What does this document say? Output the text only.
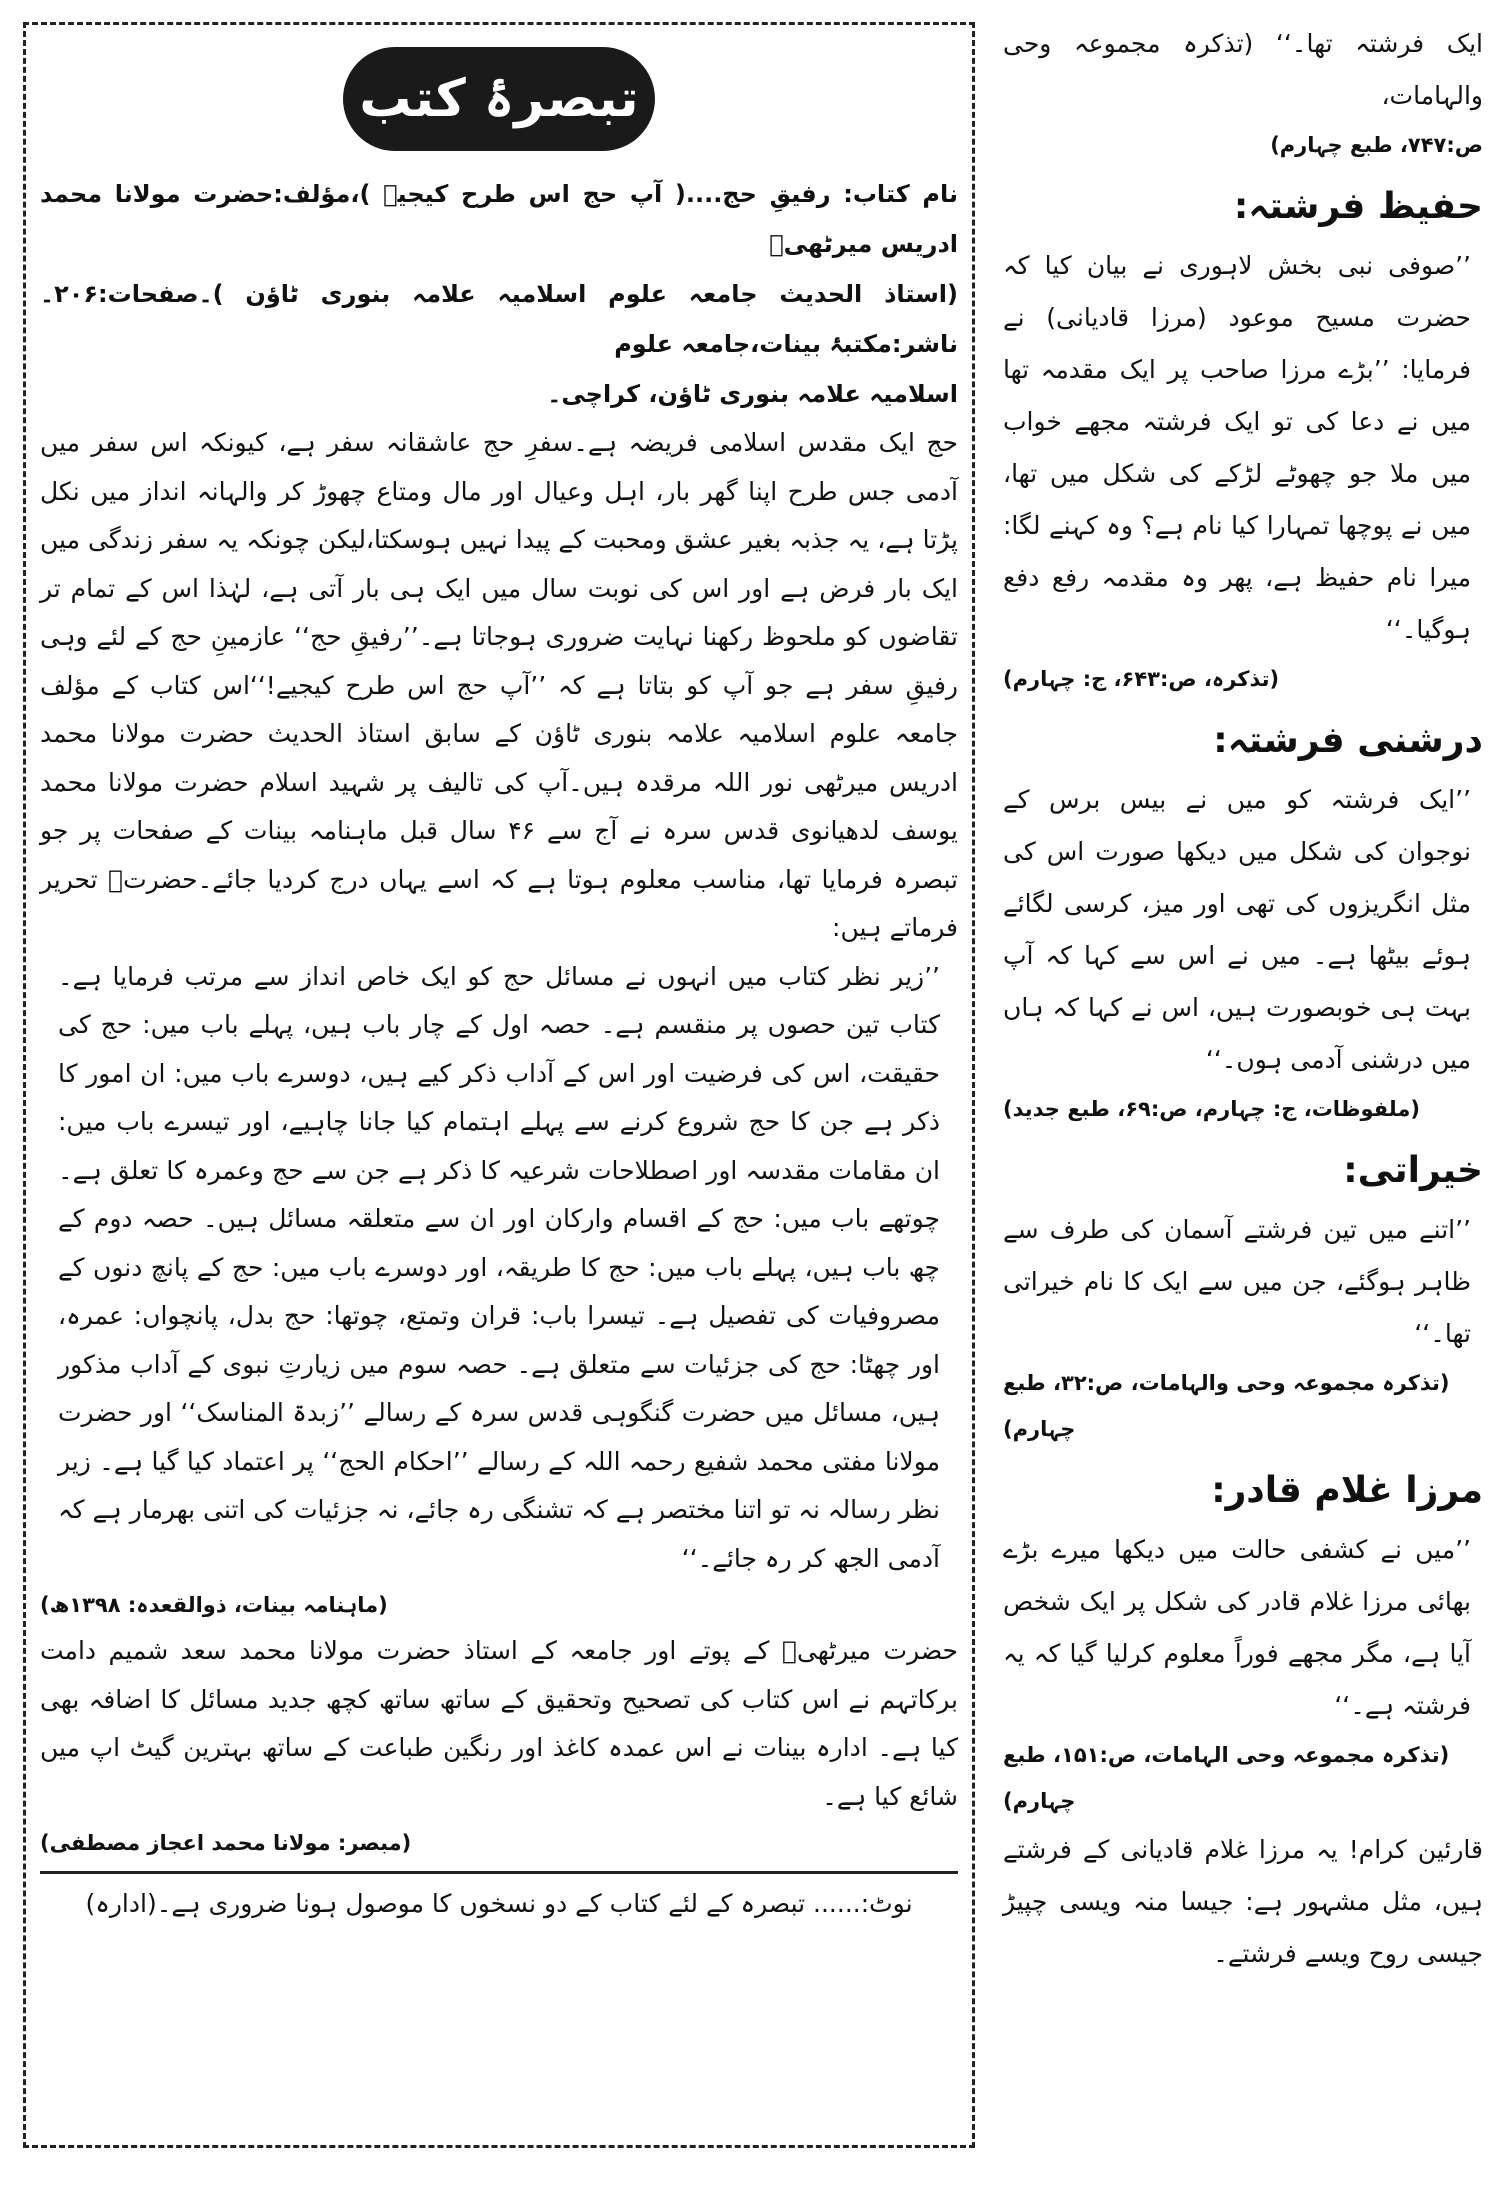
تبصرۂ کتب

نام کتاب: رفیقِ حج....( آپ حج اس طرح کیجیے )،مؤلف:حضرت مولانا محمد ادریس میرٹھیؒ

(استاذ الحدیث جامعہ علوم اسلامیہ علامہ بنوری ٹاؤن )۔صفحات:۲۰۶۔ ناشر:مکتبۂ بینات،جامعہ علوم

اسلامیہ علامہ بنوری ٹاؤن، کراچی۔

حج ایک مقدس اسلامی فریضہ ہے۔سفرِ حج عاشقانہ سفر ہے، کیونکہ اس سفر میں آدمی جس طرح اپنا گھر بار، اہل وعیال اور مال ومتاع چھوڑ کر والہانہ انداز میں نکل پڑتا ہے، یہ جذبہ بغیر عشق ومحبت کے پیدا نہیں ہوسکتا،لیکن چونکہ یہ سفر زندگی میں ایک بار فرض ہے اور اس کی نوبت سال میں ایک ہی بار آتی ہے، لہٰذا اس کے تمام تر تقاضوں کو ملحوظ رکھنا نہایت ضروری ہوجاتا ہے۔’’رفیقِ حج‘‘ عازمینِ حج کے لئے وہی رفیقِ سفر ہے جو آپ کو بتاتا ہے کہ ’’آپ حج اس طرح کیجیے!‘‘اس کتاب کے مؤلف جامعہ علوم اسلامیہ علامہ بنوری ٹاؤن کے سابق استاذ الحدیث حضرت مولانا محمد ادریس میرٹھی نور اللہ مرقدہ ہیں۔آپ کی تالیف پر شہید اسلام حضرت مولانا محمد یوسف لدھیانوی قدس سرہ نے آج سے ۴۶ سال قبل ماہنامہ بینات کے صفحات پر جو تبصرہ فرمایا تھا، مناسب معلوم ہوتا ہے کہ اسے یہاں درج کردیا جائے۔حضرتؒ تحریر فرماتے ہیں:

’’زیر نظر کتاب میں انہوں نے مسائل حج کو ایک خاص انداز سے مرتب فرمایا ہے۔ کتاب تین حصوں پر منقسم ہے۔ حصہ اول کے چار باب ہیں، پہلے باب میں: حج کی حقیقت، اس کی فرضیت اور اس کے آداب ذکر کیے ہیں، دوسرے باب میں: ان امور کا ذکر ہے جن کا حج شروع کرنے سے پہلے اہتمام کیا جانا چاہیے، اور تیسرے باب میں: ان مقامات مقدسہ اور اصطلاحات شرعیہ کا ذکر ہے جن سے حج وعمرہ کا تعلق ہے۔ چوتھے باب میں: حج کے اقسام وارکان اور ان سے متعلقہ مسائل ہیں۔ حصہ دوم کے چھ باب ہیں، پہلے باب میں: حج کا طریقہ، اور دوسرے باب میں: حج کے پانچ دنوں کے مصروفیات کی تفصیل ہے۔ تیسرا باب: قران وتمتع، چوتھا: حج بدل، پانچواں: عمرہ، اور چھٹا: حج کی جزئیات سے متعلق ہے۔ حصہ سوم میں زیارتِ نبوی کے آداب مذکور ہیں، مسائل میں حضرت گنگوہی قدس سرہ کے رسالے ’’زبدۃ المناسک‘‘ اور حضرت مولانا مفتی محمد شفیع رحمہ اللہ کے رسالے ’’احکام الحج‘‘ پر اعتماد کیا گیا ہے۔ زیر نظر رسالہ نہ تو اتنا مختصر ہے کہ تشنگی رہ جائے، نہ جزئیات کی اتنی بھرمار ہے کہ آدمی الجھ کر رہ جائے۔‘‘

(ماہنامہ بینات، ذوالقعدہ: ۱۳۹۸ھ)

حضرت میرٹھیؒ کے پوتے اور جامعہ کے استاذ حضرت مولانا محمد سعد شمیم دامت برکاتہم نے اس کتاب کی تصحیح وتحقیق کے ساتھ ساتھ کچھ جدید مسائل کا اضافہ بھی کیا ہے۔ ادارہ بینات نے اس عمدہ کاغذ اور رنگین طباعت کے ساتھ بہترین گیٹ اپ میں شائع کیا ہے۔

(مبصر: مولانا محمد اعجاز مصطفی)

نوٹ:...... تبصرہ کے لئے کتاب کے دو نسخوں کا موصول ہونا ضروری ہے۔(ادارہ)

ایک فرشتہ تھا۔‘‘ (تذکرہ مجموعہ وحی والہامات،

ص:۷۴۷، طبع چہارم)

حفیظ فرشتہ:

’’صوفی نبی بخش لاہوری نے بیان کیا کہ حضرت مسیح موعود (مرزا قادیانی) نے فرمایا: ’’بڑے مرزا صاحب پر ایک مقدمہ تھا میں نے دعا کی تو ایک فرشتہ مجھے خواب میں ملا جو چھوٹے لڑکے کی شکل میں تھا، میں نے پوچھا تمہارا کیا نام ہے؟ وہ کہنے لگا: میرا نام حفیظ ہے، پھر وہ مقدمہ رفع دفع ہوگیا۔‘‘

(تذکرہ، ص:۶۴۳، ج: چہارم)

درشنی فرشتہ:

’’ایک فرشتہ کو میں نے بیس برس کے نوجوان کی شکل میں دیکھا صورت اس کی مثل انگریزوں کی تھی اور میز، کرسی لگائے ہوئے بیٹھا ہے۔ میں نے اس سے کہا کہ آپ بہت ہی خوبصورت ہیں، اس نے کہا کہ ہاں میں درشنی آدمی ہوں۔‘‘

(ملفوظات، ج: چہارم، ص:۶۹، طبع جدید)

خیراتی:

’’اتنے میں تین فرشتے آسمان کی طرف سے ظاہر ہوگئے، جن میں سے ایک کا نام خیراتی تھا۔‘‘

(تذکرہ مجموعہ وحی والہامات، ص:۳۲، طبع چہارم)

مرزا غلام قادر:

’’میں نے کشفی حالت میں دیکھا میرے بڑے بھائی مرزا غلام قادر کی شکل پر ایک شخص آیا ہے، مگر مجھے فوراً معلوم کرلیا گیا کہ یہ فرشتہ ہے۔‘‘

(تذکرہ مجموعہ وحی الہامات، ص:۱۵۱، طبع چہارم)

قارئین کرام! یہ مرزا غلام قادیانی کے فرشتے ہیں، مثل مشہور ہے: جیسا منہ ویسی چپیڑ جیسی روح ویسے فرشتے۔
